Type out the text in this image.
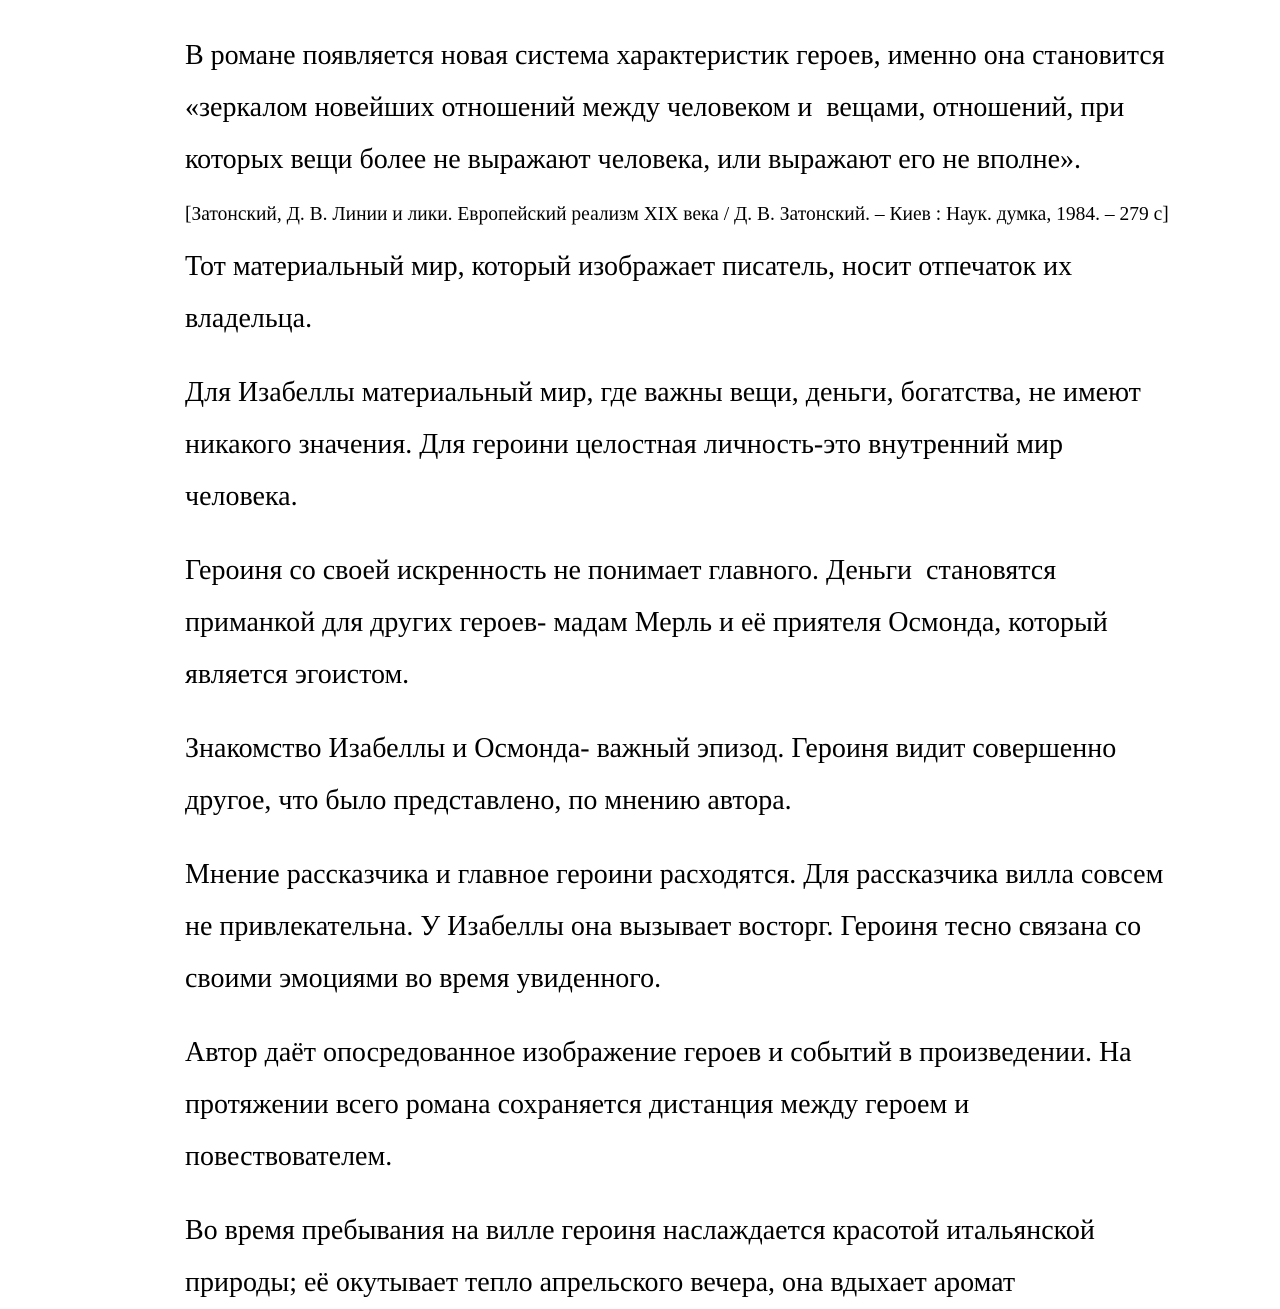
В романе появляется новая система характеристик героев, именно она становится  «зеркалом новейших отношений между человеком и  вещами, отношений, при  которых вещи более не выражают человека, или выражают его не вполне». [Затонский, Д. В. Линии и лики. Европейский реализм XIX века / Д. В. Затонский. – Киев : Наук. думка, 1984. – 279 с] Тот материальный мир, который изображает писатель, носит отпечаток их владельца.

Для Изабеллы материальный мир, где важны вещи, деньги, богатства, не имеют никакого значения. Для героини целостная личность-это внутренний мир человека.

Героиня со своей искренность не понимает главного. Деньги  становятся приманкой для других героев- мадам Мерль и её приятеля Осмонда, который является эгоистом.

Знакомство Изабеллы и Осмонда- важный эпизод. Героиня видит совершенно другое, что было представлено, по мнению автора.

Мнение рассказчика и главное героини расходятся. Для рассказчика вилла совсем не привлекательна. У Изабеллы она вызывает восторг. Героиня тесно связана со своими эмоциями во время увиденного.

Автор даёт опосредованное изображение героев и событий в произведении. На протяжении всего романа сохраняется дистанция между героем и повествователем.

Во время пребывания на вилле героиня наслаждается красотой итальянской природы; её окутывает тепло апрельского вечера, она вдыхает аромат
